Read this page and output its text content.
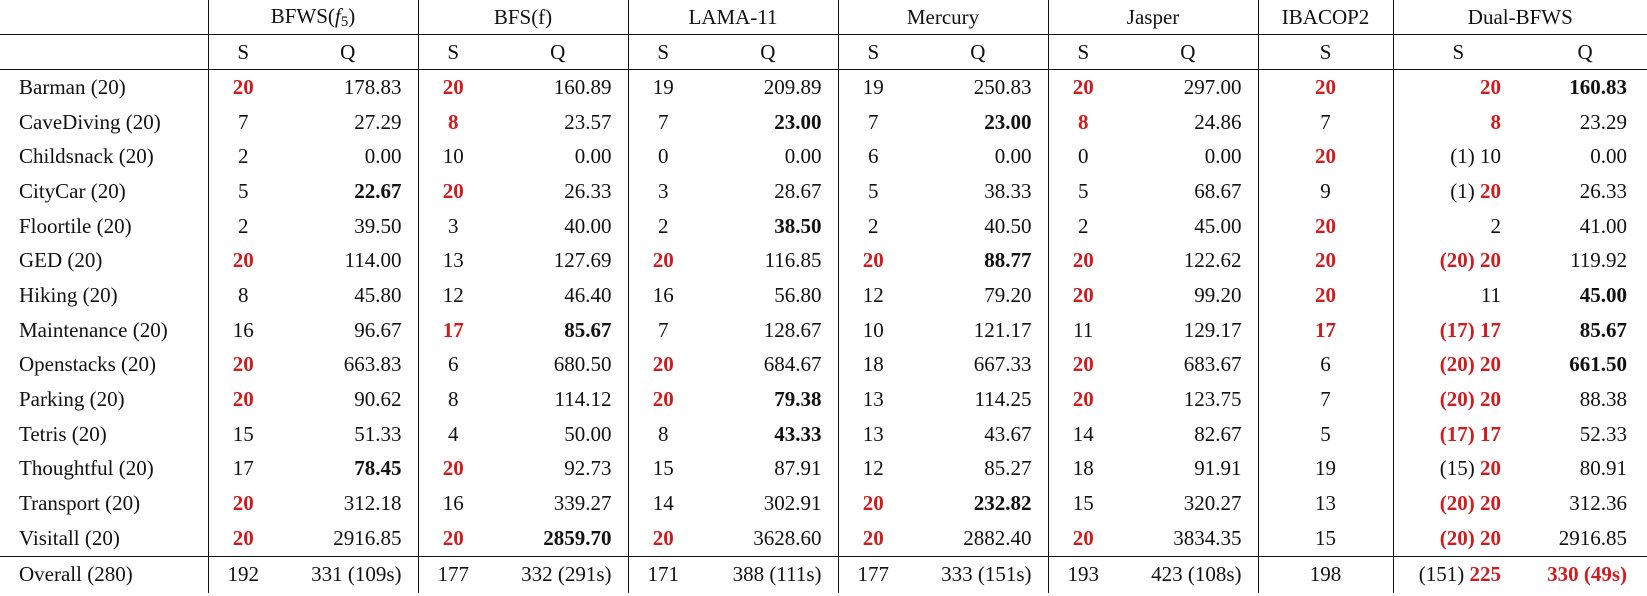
	$BFWS(f_5)$		BFS(f)		LAMA-11		Mercury		Jasper		IBACOP2	Dual-BFWS	
	S	Q	S	Q	S	Q	S	Q	S	Q	S	S	Q
Barman (20)	20	178.83	20	160.89	19	209.89	19	250.83	20	297.00	20	20	160.83
CaveDiving (20)	7	27.29	8	23.57	7	23.00	7	23.00	8	24.86	7	8	23.29
Childsnack (20)	2	0.00	10	0.00	0	0.00	6	0.00	0	0.00	20	(1) 10	0.00
CityCar (20)	5	22.67	20	26.33	3	28.67	5	38.33	5	68.67	9	(1) 20	26.33
Floortile (20)	2	39.50	3	40.00	2	38.50	2	40.50	2	45.00	20	2	41.00
GED (20)	20	114.00	13	127.69	20	116.85	20	88.77	20	122.62	20	(20) 20	119.92
Hiking (20)	8	45.80	12	46.40	16	56.80	12	79.20	20	99.20	20	11	45.00
Maintenance (20)	16	96.67	17	85.67	7	128.67	10	121.17	11	129.17	17	(17) 17	85.67
Openstacks (20)	20	663.83	6	680.50	20	684.67	18	667.33	20	683.67	6	(20) 20	661.50
Parking (20)	20	90.62	8	114.12	20	79.38	13	114.25	20	123.75	7	(20) 20	88.38
Tetris (20)	15	51.33	4	50.00	8	43.33	13	43.67	14	82.67	5	(17) 17	52.33
Thoughtful (20)	17	78.45	20	92.73	15	87.91	12	85.27	18	91.91	19	(15) 20	80.91
Transport (20)	20	312.18	16	339.27	14	302.91	20	232.82	15	320.27	13	(20) 20	312.36
Visitall (20)	20	2916.85	20	2859.70	20	3628.60	20	2882.40	20	3834.35	15	(20) 20	2916.85
Overall (280)	192	331 (109s)	177	332 (291s)	171	388 (111s)	177	333 (151s)	193	423 (108s)	198	(151) 225	330 (49s)
